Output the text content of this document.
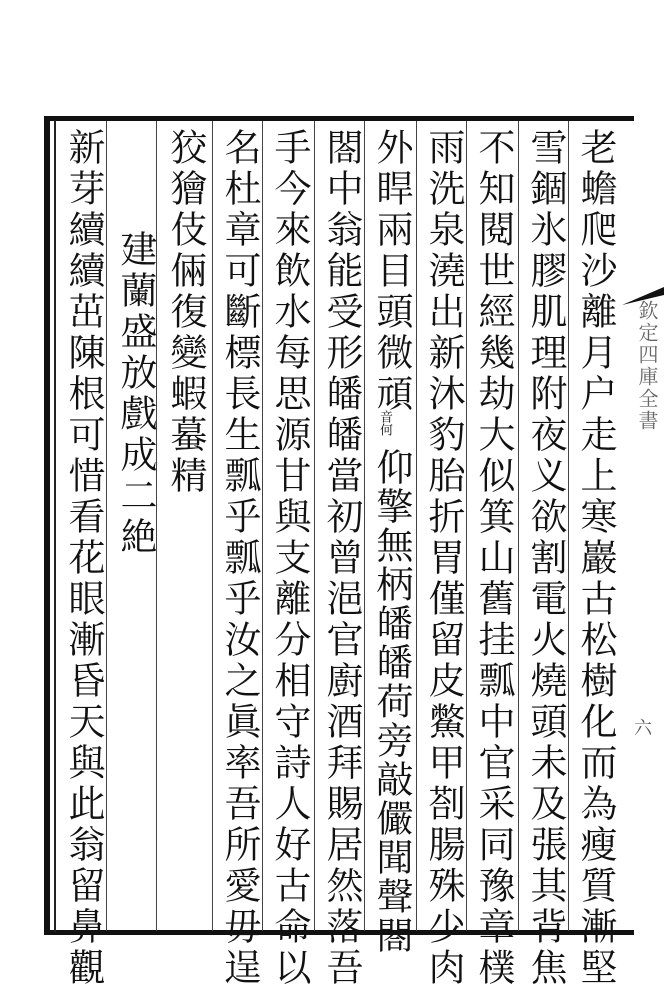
欽定四庫全書
六
老蟾爬沙離月户走上寒巖古松樹化而為瘦質漸堅
雪錮氷膠肌理附夜义欲割電火燒頭未及張其背焦
不知閱世經幾劫大似箕山舊挂瓢中官采同豫章樸
雨洗泉澆出新沐豹胎折胃僅留皮鱉甲剳腸殊少肉
外睅兩目頭微頑
音何
仰擎無柄皤皤荷旁敲儼聞聲閤
閤中翁能受形皤皤當初曾浥官廚酒拜賜居然落吾
手今來飲水每思源甘與支離分相守詩人好古命以
名杜章可斷標長生瓢乎瓢乎汝之眞率吾所愛毋逞
狡獪伎倆復變蝦蟇精
建蘭盛放戲成二絶
新芽續續茁陳根可惜看花眼漸昏天與此翁留鼻觀
